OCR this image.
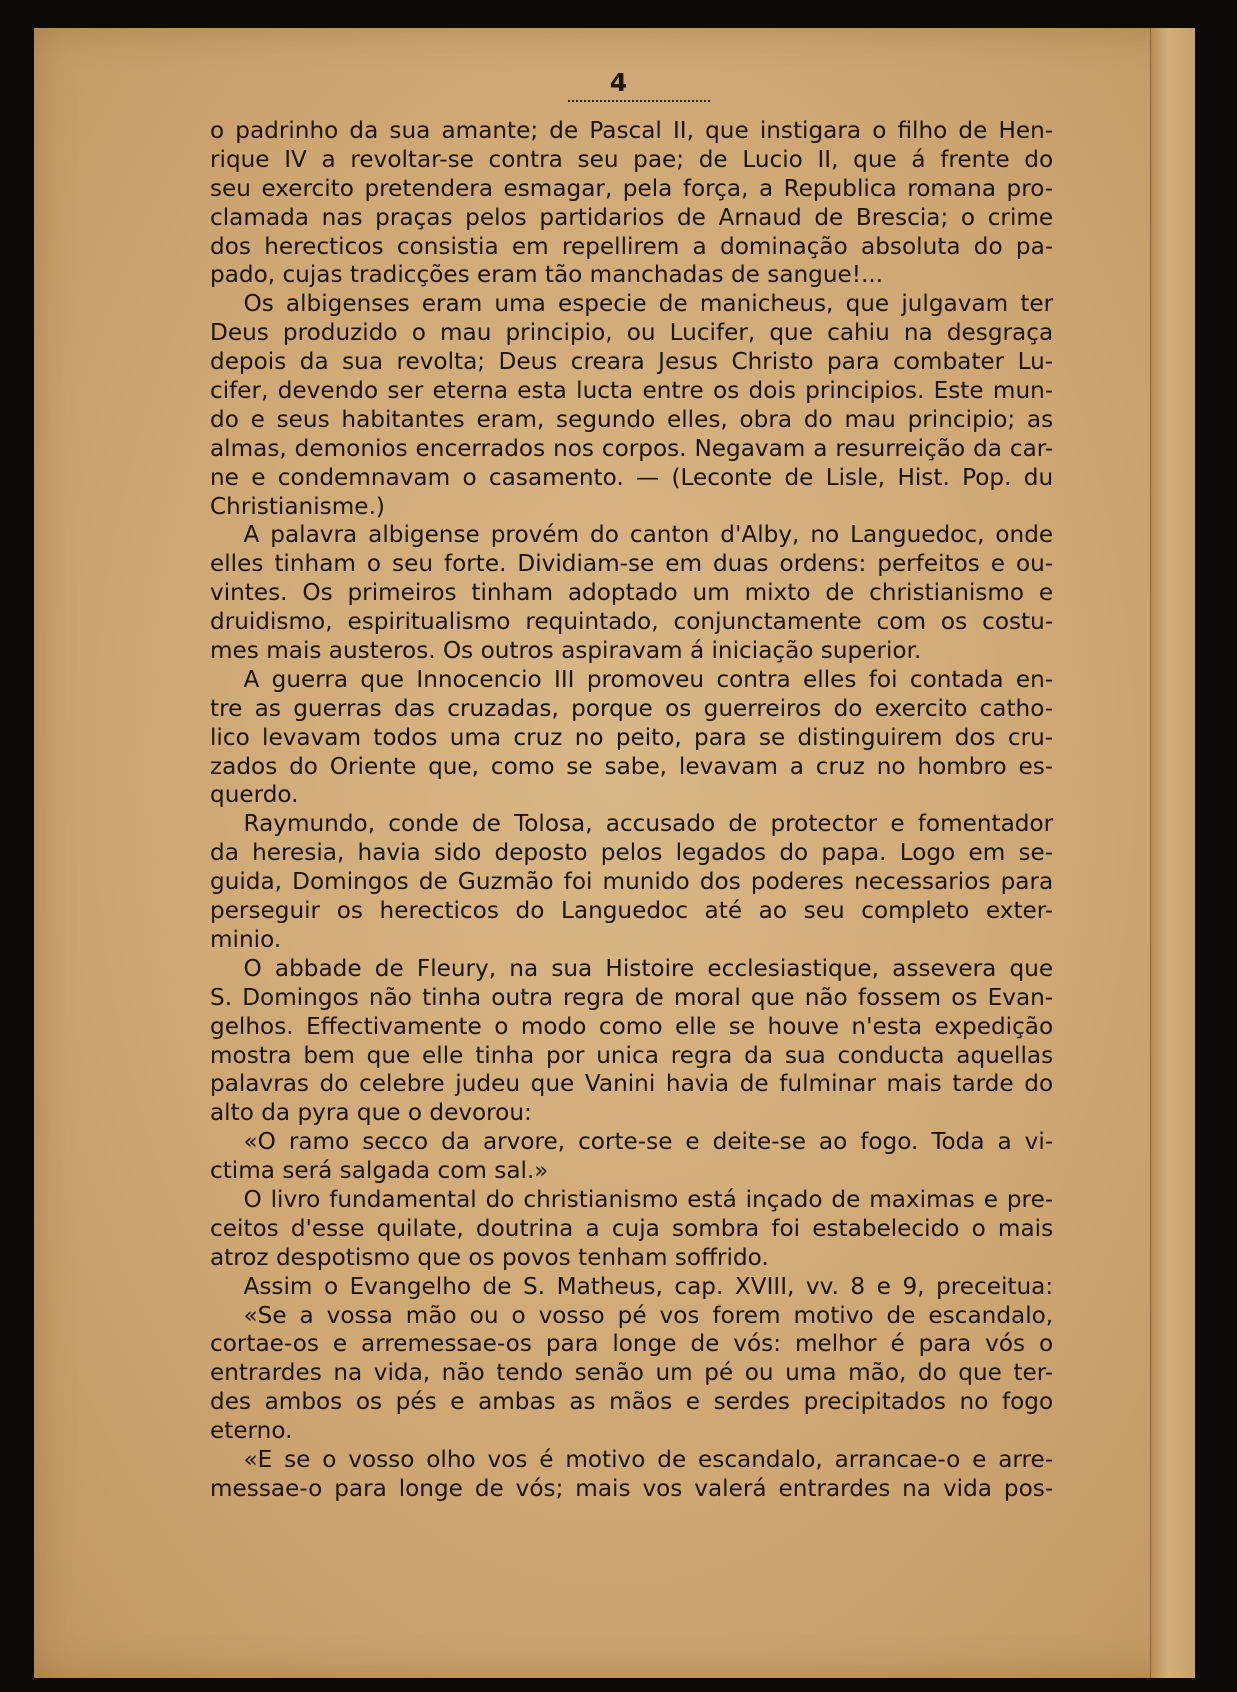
4
o padrinho da sua amante; de Pascal II, que instigara o filho de Hen-
rique IV a revoltar-se contra seu pae; de Lucio II, que á frente do
seu exercito pretendera esmagar, pela força, a Republica romana pro-
clamada nas praças pelos partidarios de Arnaud de Brescia; o crime
dos herecticos consistia em repellirem a dominação absoluta do pa-
pado, cujas tradicções eram tão manchadas de sangue!...
Os albigenses eram uma especie de manicheus, que julgavam ter
Deus produzido o mau principio, ou Lucifer, que cahiu na desgraça
depois da sua revolta; Deus creara Jesus Christo para combater Lu-
cifer, devendo ser eterna esta lucta entre os dois principios. Este mun-
do e seus habitantes eram, segundo elles, obra do mau principio; as
almas, demonios encerrados nos corpos. Negavam a resurreição da car-
ne e condemnavam o casamento. — (Leconte de Lisle, Hist. Pop. du
Christianisme.)
A palavra albigense provém do canton d'Alby, no Languedoc, onde
elles tinham o seu forte. Dividiam-se em duas ordens: perfeitos e ou-
vintes. Os primeiros tinham adoptado um mixto de christianismo e
druidismo, espiritualismo requintado, conjunctamente com os costu-
mes mais austeros. Os outros aspiravam á iniciação superior.
A guerra que Innocencio III promoveu contra elles foi contada en-
tre as guerras das cruzadas, porque os guerreiros do exercito catho-
lico levavam todos uma cruz no peito, para se distinguirem dos cru-
zados do Oriente que, como se sabe, levavam a cruz no hombro es-
querdo.
Raymundo, conde de Tolosa, accusado de protector e fomentador
da heresia, havia sido deposto pelos legados do papa. Logo em se-
guida, Domingos de Guzmão foi munido dos poderes necessarios para
perseguir os herecticos do Languedoc até ao seu completo exter-
minio.
O abbade de Fleury, na sua Histoire ecclesiastique, assevera que
S. Domingos não tinha outra regra de moral que não fossem os Evan-
gelhos. Effectivamente o modo como elle se houve n'esta expedição
mostra bem que elle tinha por unica regra da sua conducta aquellas
palavras do celebre judeu que Vanini havia de fulminar mais tarde do
alto da pyra que o devorou:
«O ramo secco da arvore, corte-se e deite-se ao fogo. Toda a vi-
ctima será salgada com sal.»
O livro fundamental do christianismo está inçado de maximas e pre-
ceitos d'esse quilate, doutrina a cuja sombra foi estabelecido o mais
atroz despotismo que os povos tenham soffrido.
Assim o Evangelho de S. Matheus, cap. XVIII, vv. 8 e 9, preceitua:
«Se a vossa mão ou o vosso pé vos forem motivo de escandalo,
cortae-os e arremessae-os para longe de vós: melhor é para vós o
entrardes na vida, não tendo senão um pé ou uma mão, do que ter-
des ambos os pés e ambas as mãos e serdes precipitados no fogo
eterno.
«E se o vosso olho vos é motivo de escandalo, arrancae-o e arre-
messae-o para longe de vós; mais vos valerá entrardes na vida pos-
